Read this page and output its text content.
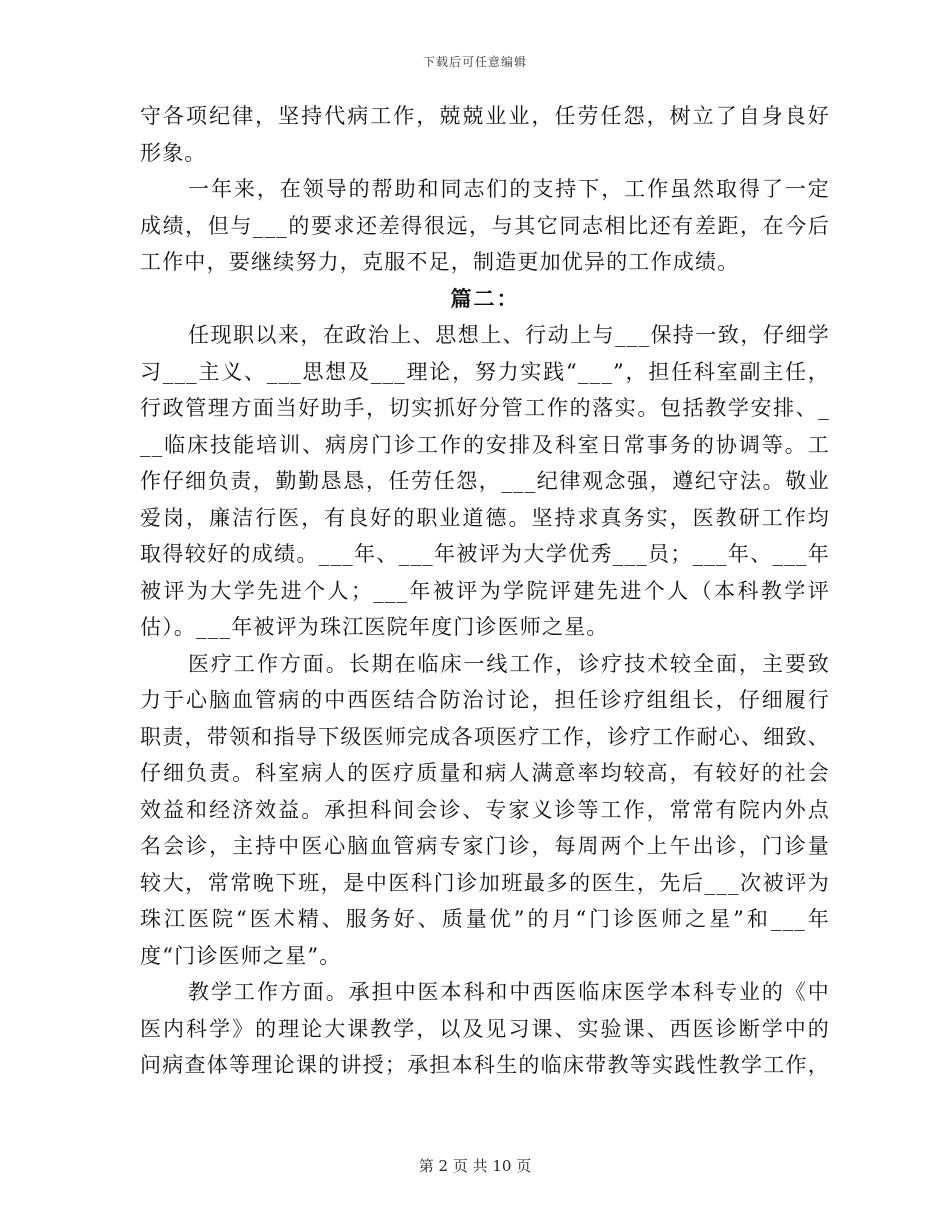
下载后可任意编辑
守各项纪律，坚持代病工作，兢兢业业，任劳任怨，树立了自身良好
形象。
一年来，在领导的帮助和同志们的支持下，工作虽然取得了一定
成绩，但与___的要求还差得很远，与其它同志相比还有差距，在今后
工作中，要继续努力，克服不足，制造更加优异的工作成绩。
篇二：
任现职以来，在政治上、思想上、行动上与___保持一致，仔细学
习___主义、___思想及___理论，努力实践“___”，担任科室副主任，
行政管理方面当好助手，切实抓好分管工作的落实。包括教学安排、_
__临床技能培训、病房门诊工作的安排及科室日常事务的协调等。工
作仔细负责，勤勤恳恳，任劳任怨，___纪律观念强，遵纪守法。敬业
爱岗，廉洁行医，有良好的职业道德。坚持求真务实，医教研工作均
取得较好的成绩。___年、___年被评为大学优秀___员；___年、___年
被评为大学先进个人；___年被评为学院评建先进个人（本科教学评
估）。___年被评为珠江医院年度门诊医师之星。
医疗工作方面。长期在临床一线工作，诊疗技术较全面，主要致
力于心脑血管病的中西医结合防治讨论，担任诊疗组组长，仔细履行
职责，带领和指导下级医师完成各项医疗工作，诊疗工作耐心、细致、
仔细负责。科室病人的医疗质量和病人满意率均较高，有较好的社会
效益和经济效益。承担科间会诊、专家义诊等工作，常常有院内外点
名会诊，主持中医心脑血管病专家门诊，每周两个上午出诊，门诊量
较大，常常晚下班，是中医科门诊加班最多的医生，先后___次被评为
珠江医院“医术精、服务好、质量优”的月“门诊医师之星”和___年
度“门诊医师之星”。
教学工作方面。承担中医本科和中西医临床医学本科专业的《中
医内科学》的理论大课教学，以及见习课、实验课、西医诊断学中的
问病查体等理论课的讲授；承担本科生的临床带教等实践性教学工作，
第 2 页 共 10 页
